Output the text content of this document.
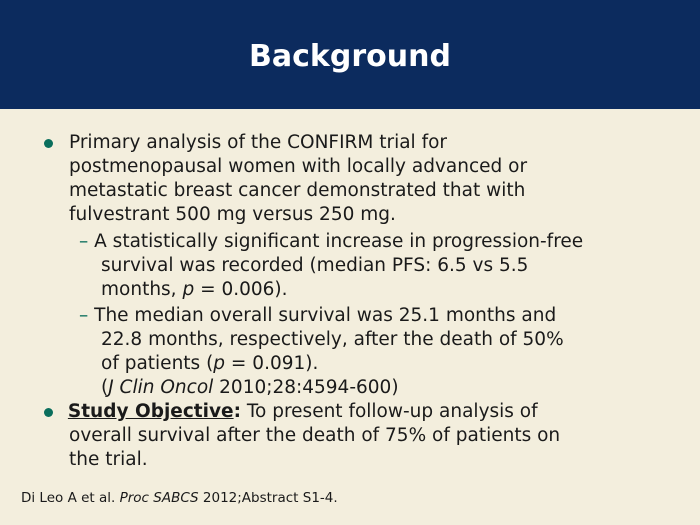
Background
Primary analysis of the CONFIRM trial for
postmenopausal women with locally advanced or
metastatic breast cancer demonstrated that with
fulvestrant 500 mg versus 250 mg.
– A statistically significant increase in progression-free
survival was recorded (median PFS: 6.5 vs 5.5
months, p = 0.006).
– The median overall survival was 25.1 months and
22.8 months, respectively, after the death of 50%
of patients (p = 0.091).
(J Clin Oncol 2010;28:4594-600)
Study Objective: To present follow-up analysis of
overall survival after the death of 75% of patients on
the trial.
Di Leo A et al. Proc SABCS 2012;Abstract S1-4.
